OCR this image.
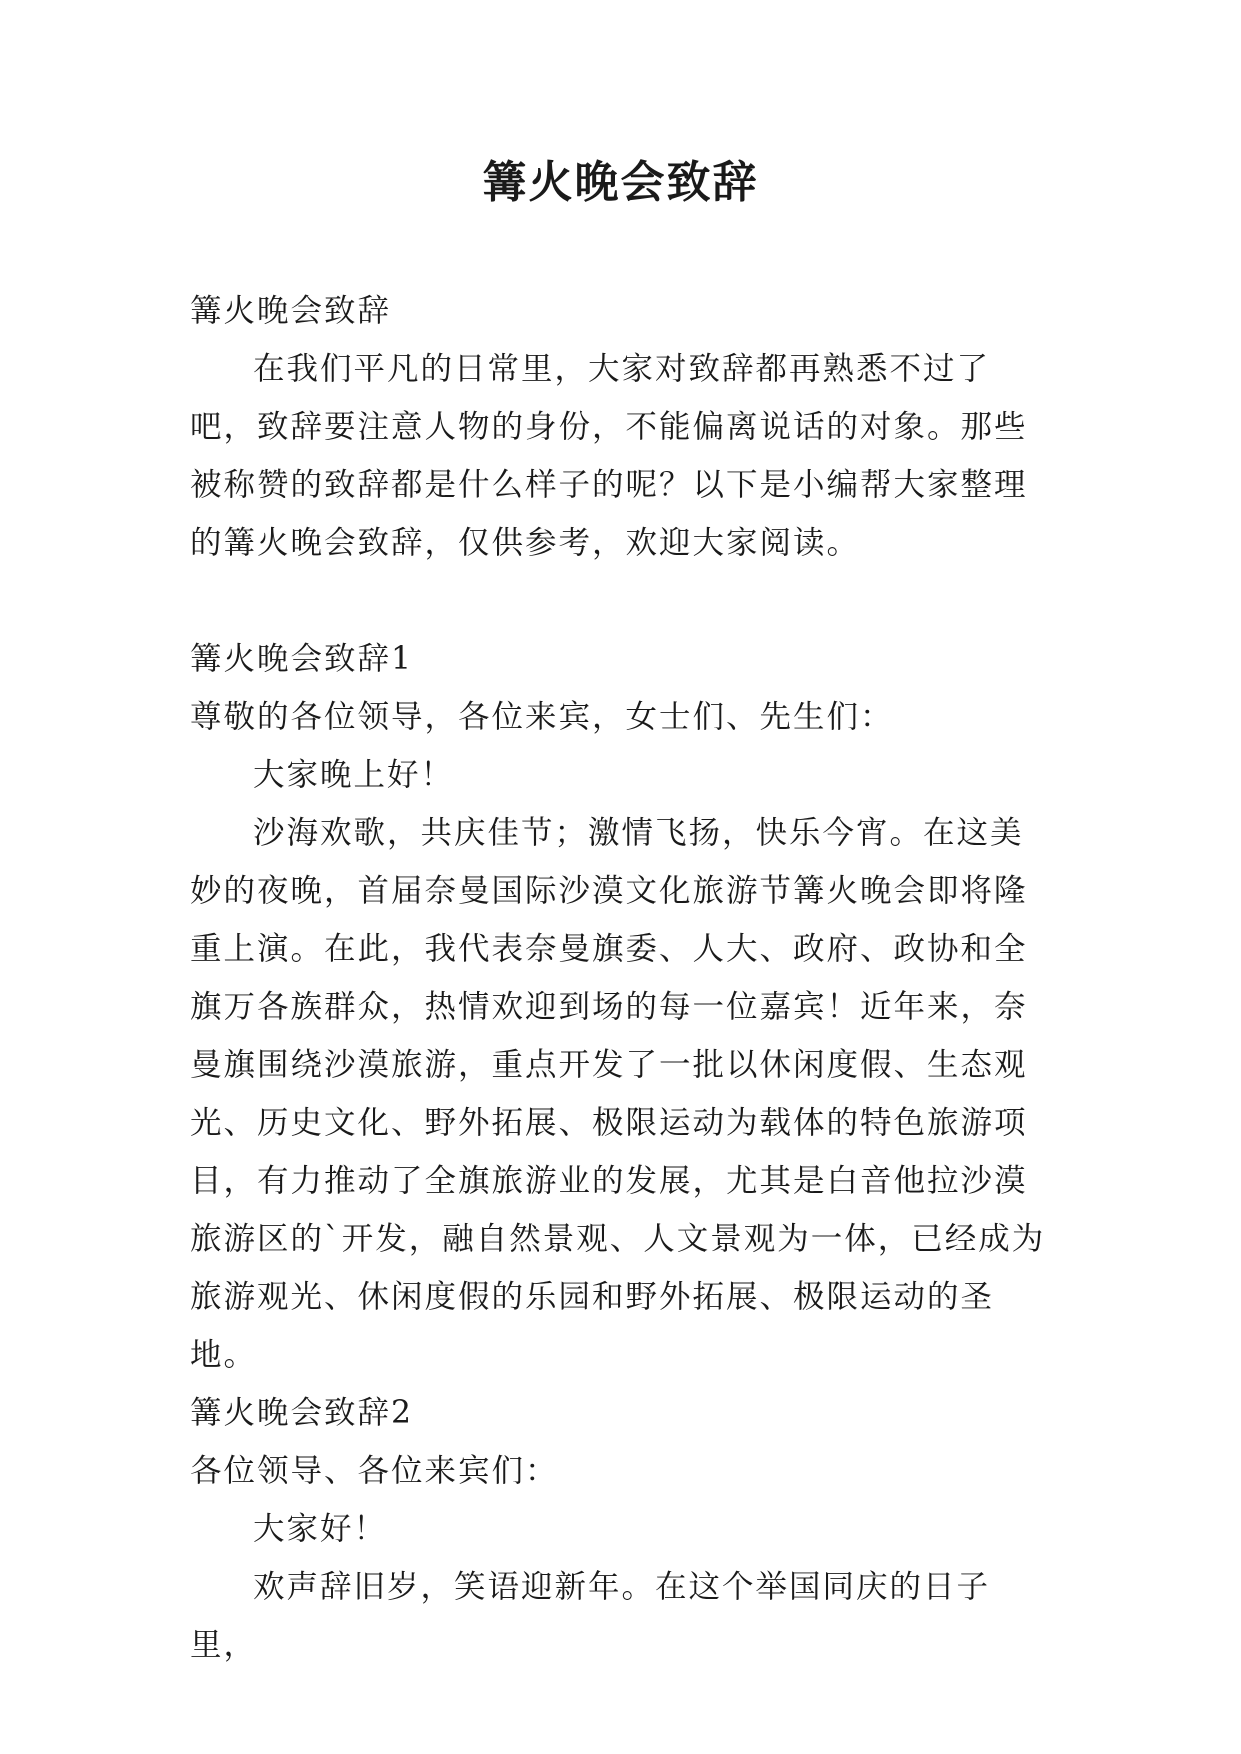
篝火晚会致辞

篝火晚会致辞

在我们平凡的日常里，大家对致辞都再熟悉不过了吧，致辞要注意人物的身份，不能偏离说话的对象。那些被称赞的致辞都是什么样子的呢？以下是小编帮大家整理的篝火晚会致辞，仅供参考，欢迎大家阅读。

篝火晚会致辞1

尊敬的各位领导，各位来宾，女士们、先生们：

大家晚上好！

沙海欢歌，共庆佳节；激情飞扬，快乐今宵。在这美妙的夜晚，首届奈曼国际沙漠文化旅游节篝火晚会即将隆重上演。在此，我代表奈曼旗委、人大、政府、政协和全旗万各族群众，热情欢迎到场的每一位嘉宾！近年来，奈曼旗围绕沙漠旅游，重点开发了一批以休闲度假、生态观光、历史文化、野外拓展、极限运动为载体的特色旅游项目，有力推动了全旗旅游业的发展，尤其是白音他拉沙漠旅游区的`开发，融自然景观、人文景观为一体，已经成为旅游观光、休闲度假的乐园和野外拓展、极限运动的圣地。

篝火晚会致辞2

各位领导、各位来宾们：

大家好！

欢声辞旧岁，笑语迎新年。在这个举国同庆的日子里，
